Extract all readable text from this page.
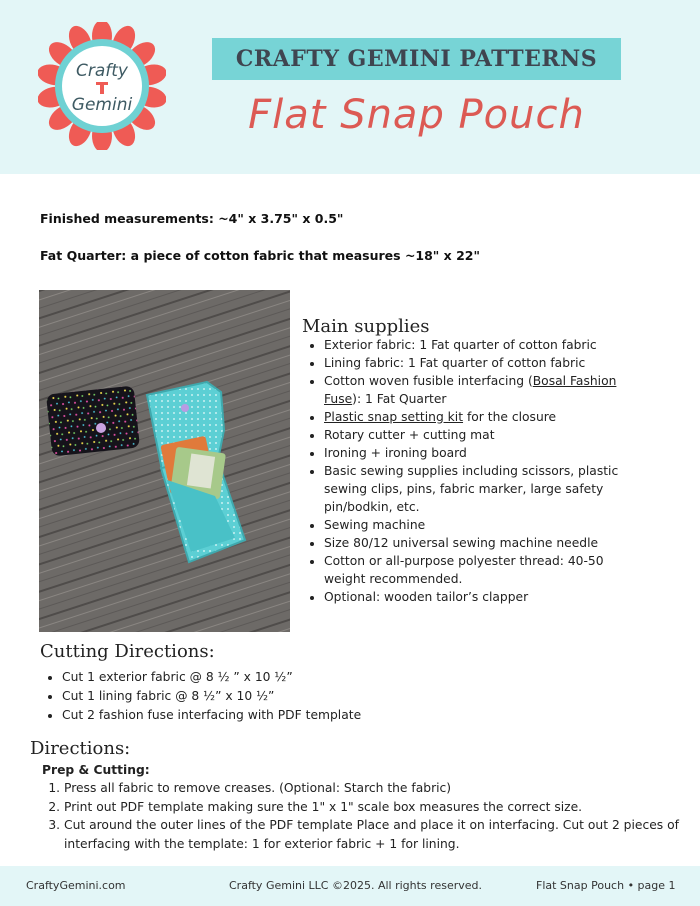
Crafty
Gemini
CRAFTY GEMINI PATTERNS
Flat Snap Pouch
Finished measurements: ~4" x 3.75" x 0.5"
Fat Quarter: a piece of cotton fabric that measures ~18" x 22"
Main supplies
• Exterior fabric: 1 Fat quarter of cotton fabric
• Lining fabric: 1 Fat quarter of cotton fabric
• Cotton woven fusible interfacing (Bosal Fashion Fuse): 1 Fat Quarter
• Plastic snap setting kit for the closure
• Rotary cutter + cutting mat
• Ironing + ironing board
• Basic sewing supplies including scissors, plastic sewing clips, pins, fabric marker, large safety pin/bodkin, etc.
• Sewing machine
• Size 80/12 universal sewing machine needle
• Cotton or all-purpose polyester thread: 40-50 weight recommended.
• Optional: wooden tailor’s clapper
Cutting Directions:
• Cut 1 exterior fabric @ 8 ½ ” x 10 ½”
• Cut 1 lining fabric @ 8 ½” x 10 ½”
• Cut 2 fashion fuse interfacing with PDF template
Directions:
Prep & Cutting:
1. Press all fabric to remove creases. (Optional: Starch the fabric)
2. Print out PDF template making sure the 1" x 1" scale box measures the correct size.
3. Cut around the outer lines of the PDF template Place and place it on interfacing. Cut out 2 pieces of interfacing with the template: 1 for exterior fabric + 1 for lining.
CraftyGemini.com	Crafty Gemini LLC ©2025. All rights reserved.	Flat Snap Pouch • page 1
